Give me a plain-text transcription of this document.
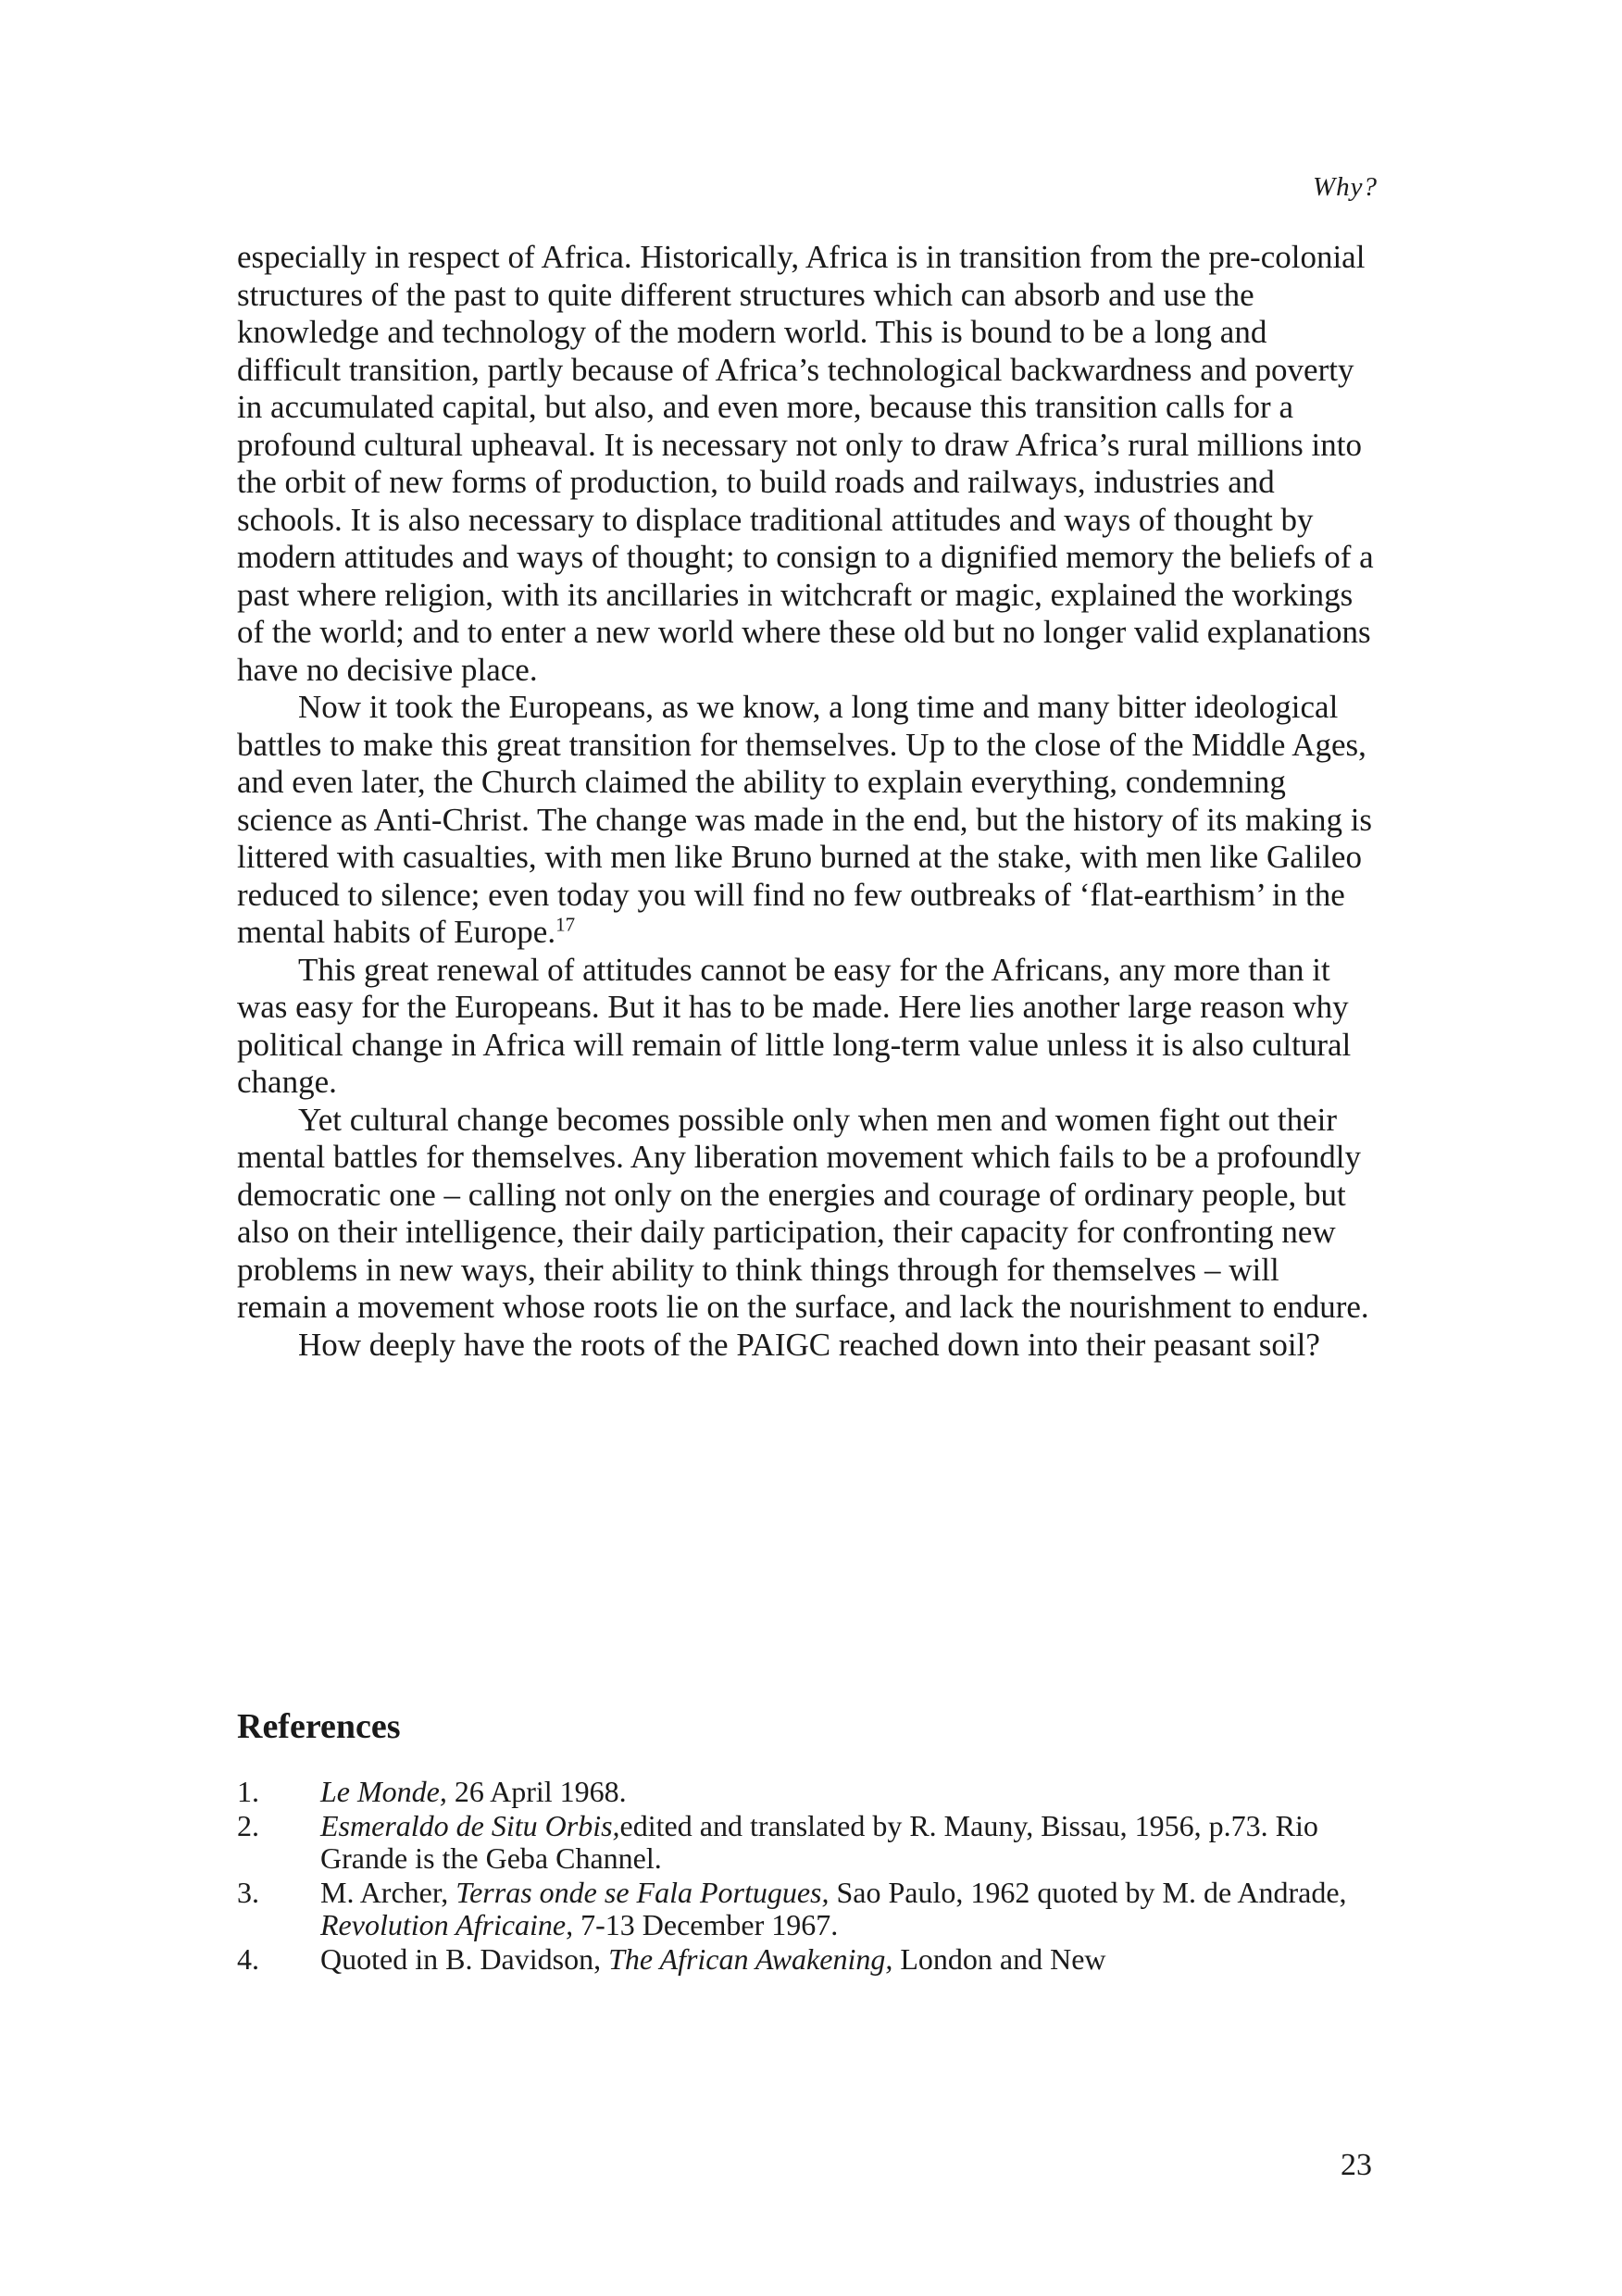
Why?

especially in respect of Africa. Historically, Africa is in transition from the pre-colonial structures of the past to quite different structures which can absorb and use the knowledge and technology of the modern world. This is bound to be a long and difficult transition, partly because of Africa’s technological backwardness and poverty in accumulated capital, but also, and even more, because this transition calls for a profound cultural upheaval. It is necessary not only to draw Africa’s rural millions into the orbit of new forms of production, to build roads and railways, industries and schools. It is also necessary to displace traditional attitudes and ways of thought by modern attitudes and ways of thought; to consign to a dignified memory the beliefs of a past where religion, with its ancillaries in witchcraft or magic, explained the workings of the world; and to enter a new world where these old but no longer valid explanations have no decisive place.

Now it took the Europeans, as we know, a long time and many bitter ideological battles to make this great transition for themselves. Up to the close of the Middle Ages, and even later, the Church claimed the ability to explain everything, condemning science as Anti-Christ. The change was made in the end, but the history of its making is littered with casualties, with men like Bruno burned at the stake, with men like Galileo reduced to silence; even today you will find no few outbreaks of ‘flat-earthism’ in the mental habits of Europe.$^{17}$

This great renewal of attitudes cannot be easy for the Africans, any more than it was easy for the Europeans. But it has to be made. Here lies another large reason why political change in Africa will remain of little long-term value unless it is also cultural change.

Yet cultural change becomes possible only when men and women fight out their mental battles for themselves. Any liberation movement which fails to be a profoundly democratic one – calling not only on the energies and courage of ordinary people, but also on their intelligence, their daily participation, their capacity for confronting new problems in new ways, their ability to think things through for themselves – will remain a movement whose roots lie on the surface, and lack the nourishment to endure.

How deeply have the roots of the PAIGC reached down into their peasant soil?

References
1.	Le Monde, 26 April 1968.
2.	Esmeraldo de Situ Orbis,edited and translated by R. Mauny, Bissau, 1956, p.73. Rio Grande is the Geba Channel.
3.	M. Archer, Terras onde se Fala Portugues, Sao Paulo, 1962 quoted by M. de Andrade, Revolution Africaine, 7-13 December 1967.
4.	Quoted in B. Davidson, The African Awakening, London and New
23
